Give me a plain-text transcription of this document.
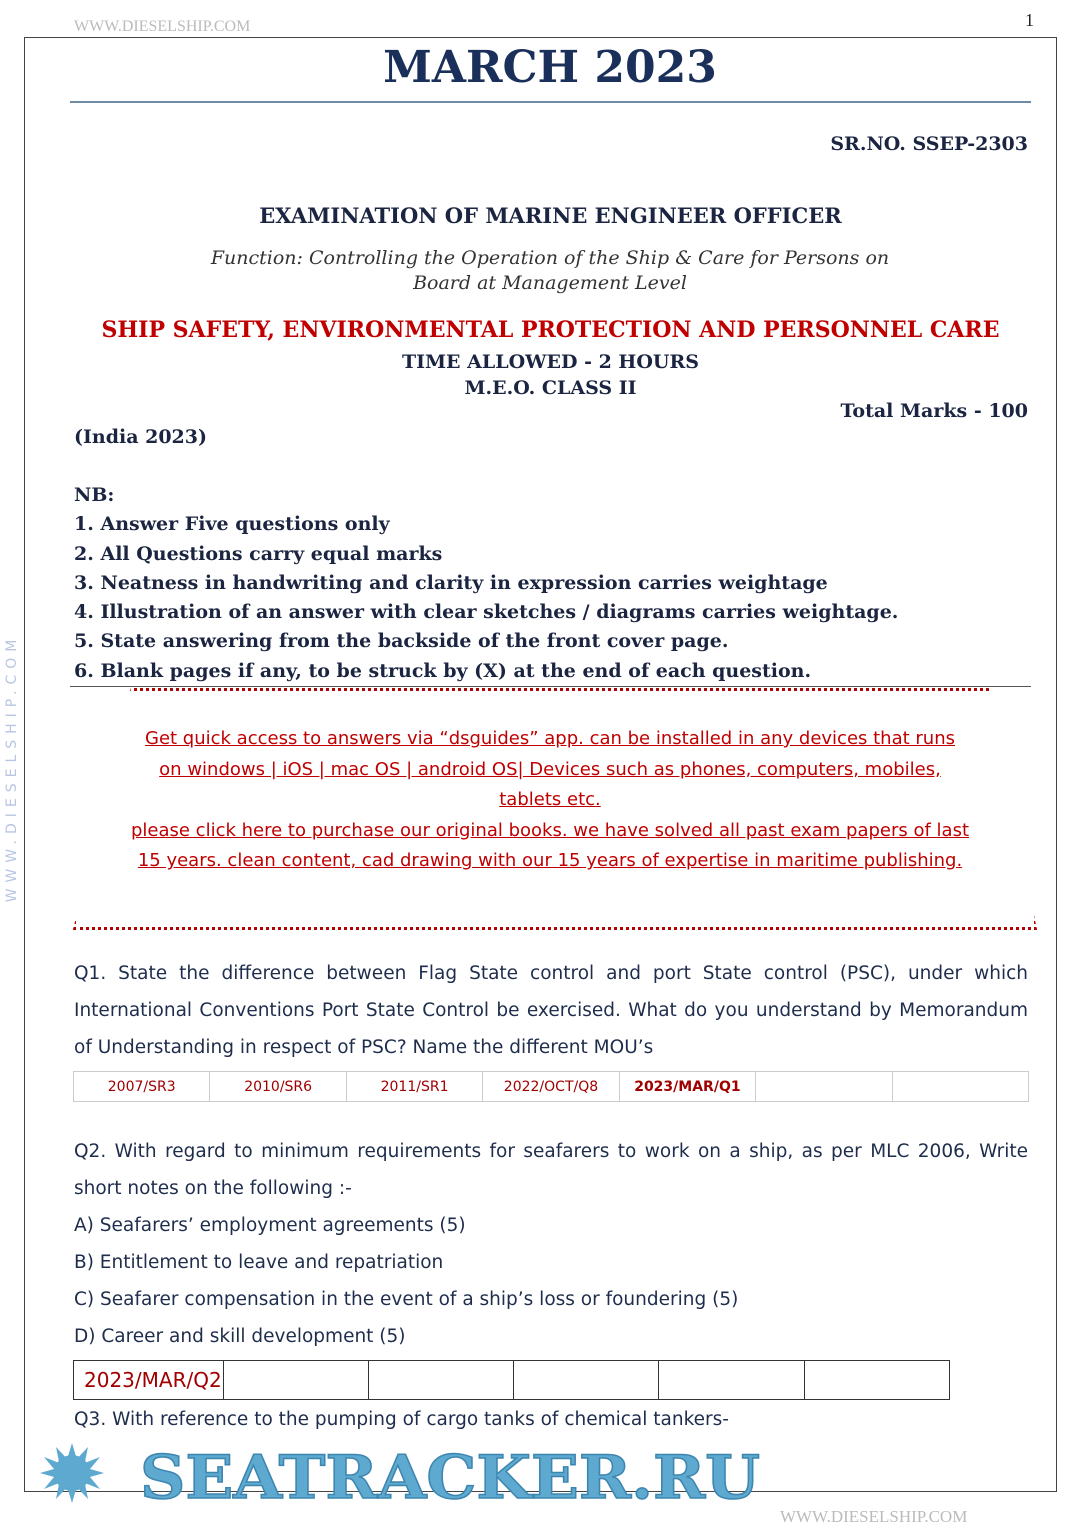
WWW.DIESELSHIP.COM
WWW.DIESELSHIP.COM	1
MARCH 2023
SR.NO. SSEP-2303
EXAMINATION OF MARINE ENGINEER OFFICER
Function: Controlling the Operation of the Ship & Care for Persons on Board at Management Level
SHIP SAFETY, ENVIRONMENTAL PROTECTION AND PERSONNEL CARE
TIME ALLOWED - 2 HOURS
M.E.O. CLASS II
Total Marks - 100
(India 2023)
NB:
1. Answer Five questions only
2. All Questions carry equal marks
3. Neatness in handwriting and clarity in expression carries weightage
4. Illustration of an answer with clear sketches / diagrams carries weightage.
5. State answering from the backside of the front cover page.
6. Blank pages if any, to be struck by (X) at the end of each question.
Get quick access to answers via “dsguides” app. can be installed in any devices that runs on windows | iOS | mac OS | android OS| Devices such as phones, computers, mobiles, tablets etc.
please click here to purchase our original books. we have solved all past exam papers of last 15 years. clean content, cad drawing with our 15 years of expertise in maritime publishing.
Q1. State the difference between Flag State control and port State control (PSC), under which International Conventions Port State Control be exercised. What do you understand by Memorandum of Understanding in respect of PSC? Name the different MOU’s
2007/SR3	2010/SR6	2011/SR1	2022/OCT/Q8	2023/MAR/Q1		
Q2. With regard to minimum requirements for seafarers to work on a ship, as per MLC 2006, Write short notes on the following :-
A) Seafarers’ employment agreements (5)
B) Entitlement to leave and repatriation
C) Seafarer compensation in the event of a ship’s loss or foundering (5)
D) Career and skill development (5)
2023/MAR/Q2					
Q3. With reference to the pumping of cargo tanks of chemical tankers-
SEATRACKER.RU
WWW.DIESELSHIP.COM
